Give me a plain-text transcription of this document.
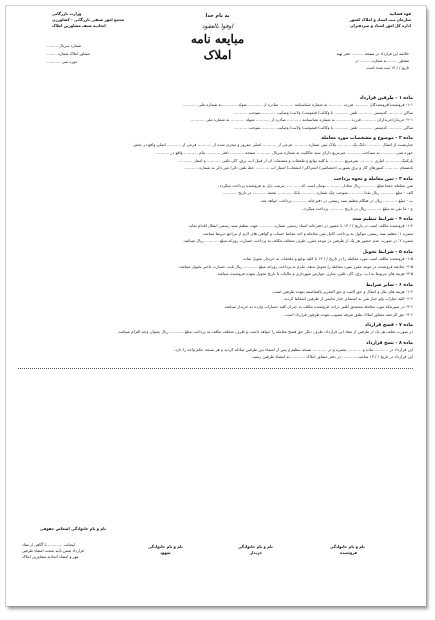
قوه قضائیه
سازمان ثبت اسناد و املاک کشور
اداره کل امور اسناد و سردفتران
وزارت بازرگانی
مجمع امور صنفی بازرگانی - کشاورزی
اتحادیه صنف مشاورین املاک
به نام خدا
اوفوا بالعقود
مبایعه نامه
املاک
شماره سریال ..........
مشاور املاک شماره .........
حوزه ثبتی ............
خلاصه این قرارداد در صفحه .......... دفتر تهیه
مشاور ........ به شماره ......... در
تاریخ / / ۱۳ ثبت شده است
ماده ۱ - طرفین قرارداد
۱-۱- فروشنده/فروشندگان ........... فرزند ........... به شماره شناسنامه ........... صادره از ........... متولد ........... به شماره ملی ...........
ساکن ........... کدپستی ........... تلفن ........... با وکالت/ قیمومت/ ولایت/ وصایت ........... بموجب ...........
۲-۱- خریدار/خریداران ........... فرزند ........... به شماره شناسنامه ........... صادره از ........... متولد ........... به شماره ملی ...........
ساکن ........... کدپستی ........... تلفن ........... با وکالت/ قیمومت/ ولایت/ وصایت ........... بموجب ...........
ماده ۲ - موضوع و مشخصات مورد معامله
عبارتست از انتقال ........... دانگ یک ........... پلاک ثبتی شماره ........... فرعی از ........... اصلی مفروز و مجزی شده از ........... فرعی از ........... اصلی واقع در بخش
حوزه ثبتی ........... به مساحت ........... مترمربع دارای سند مالکیت به شماره سریال ........... صفحه ........... دفتر ........... بنام ........... واقع در ...........
پارکینگ ........... انباری ........... مترمربع ........... با کلیه توابع و ملحقات و منضمات آن از قبیل آب، برق، گاز، تلفن ........... و امتیاز ...........
بانضمام ........... کنتورهای گاز و برق بصورت اختصاصی/ اشتراکی/ انشعاب/ امتیاز آب ........... خط تلفن دائر/ غیر دائر به شماره ...........
ماده ۳ - ثمن معامله و نحوه پرداخت
ثمن معامله جمعاً مبلغ ........... ریال معادل ........... تومان است که ........... بترتیب ذیل به فروشنده پرداخت میگردد.
الف - مبلغ ........... ریال نقداً ........... بموجب چک شماره ........... بانک ........... شعبه ........... در تاریخ ...........
ب - مبلغ ........... ریال در هنگام تنظیم سند رسمی در دفترخانه ........... پرداخت خواهد شد.
ج - ما بقی به مبلغ ........... ریال در تاریخ ........... پرداخت میگردد.
ماده ۴ - شرایط تنظیم سند
۱-۴- فروشنده مکلف است در تاریخ / / ۱۳ با حضور در دفترخانه اسناد رسمی شماره ........... جهت تنظیم سند رسمی انتقال اقدام نماید.
تبصره ۱: تنظیم سند رسمی موکول به پرداخت کامل ثمن معامله و اخذ مفاصا حساب و گواهی های لازم از مراجع ذیربط میباشد.
تبصره ۲: در صورت عدم حضور هر یک از طرفین در موعد مقرر، طرف متخلف مکلف به پرداخت خسارت روزانه مبلغ ........... ریال میباشد.
ماده ۵ - شرایط تحویل
۱-۵- فروشنده مکلف است مورد معامله را در تاریخ / / ۱۳ با کلیه توابع و ملحقات به خریدار تحویل نماید.
۲-۵- چنانچه فروشنده در موعد مقرر مورد معامله را تحویل ندهد، ملزم به پرداخت روزانه مبلغ ........... ریال بابت خسارت تأخیر تحویل میباشد.
۳-۵- هزینه های مربوط به آب، برق، گاز، تلفن، شارژ، عوارض شهرداری و مالیات تا تاریخ تحویل بعهده فروشنده میباشد.
ماده ۶ - سایر شرایط
۱-۶- هزینه های نقل و انتقال و حق الثبت و حق التحریر بالمناصفه بعهده طرفین است.
۲-۶- کلیه خیارات ولو خیار غبن به استثنای خیار تدلیس از طرفین اسقاط گردید.
۳-۶- در صورتیکه مورد معامله مستحق للغیر درآید، فروشنده مکلف به جبران کلیه خسارات وارده به خریدار میباشد.
۴-۶- حق الزحمه مشاور املاک طبق تعرفه مصوب بعهده طرفین قرارداد است.
ماده ۷ - فسخ قرارداد
در صورت تخلف هر یک از طرفین از مفاد این قرارداد، طرف دیگر حق فسخ معامله را خواهد داشت و طرف متخلف مکلف به پرداخت مبلغ ........... ریال بعنوان وجه التزام میباشد.
ماده ۸ - نسخ قرارداد
این قرارداد در ........... ماده و ........... تبصره و در ........... نسخه تنظیم و پس از امضاء بین طرفین مبادله گردید و هر نسخه حکم واحد را دارد.
این قرارداد در تاریخ / / ۱۳ ساعت ........... در دفتر مشاور املاک ........... به امضاء طرفین رسید.
نام و نام خانوادگی
فروشنده
نام و نام خانوادگی
خریدار
نام و نام خانوادگی
شهود
اینجانب ............ با آگاهی از مفاد
قرارداد ضمن تأیید صحت امضاء طرفین
مهر و امضاء اتحادیه مشاورین املاک
نام و نام خانوادگی اشخاص حقوقی
